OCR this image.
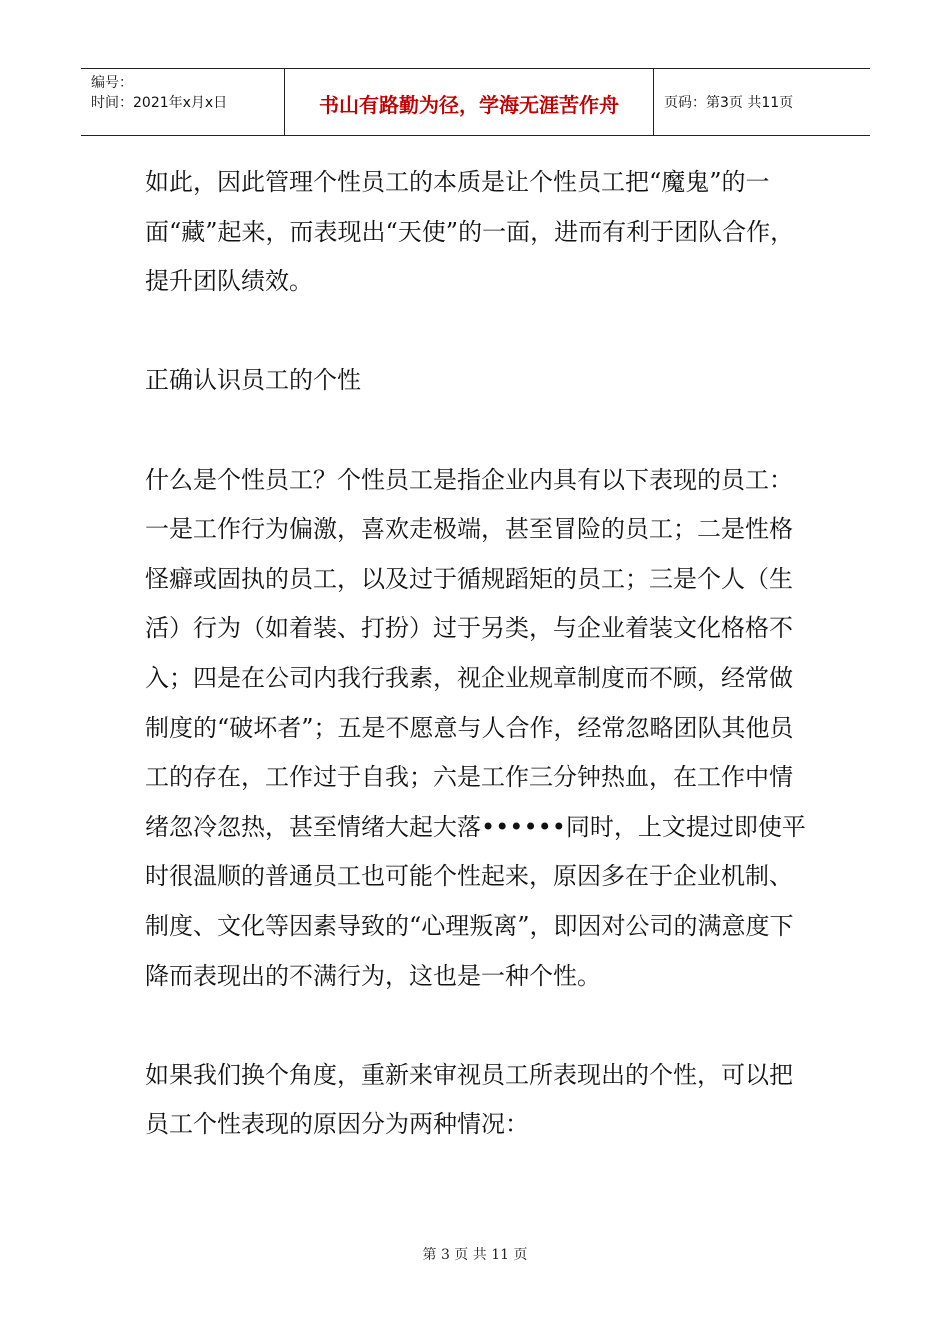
编号：
时间：2021年x月x日	书山有路勤为径，学海无涯苦作舟	页码：第3页 共11页

如此，因此管理个性员工的本质是让个性员工把“魔鬼”的一面“藏”起来，而表现出“天使”的一面，进而有利于团队合作，提升团队绩效。

正确认识员工的个性

什么是个性员工？个性员工是指企业内具有以下表现的员工：一是工作行为偏激，喜欢走极端，甚至冒险的员工；二是性格怪癖或固执的员工，以及过于循规蹈矩的员工；三是个人（生活）行为（如着装、打扮）过于另类，与企业着装文化格格不入；四是在公司内我行我素，视企业规章制度而不顾，经常做制度的“破坏者”；五是不愿意与人合作，经常忽略团队其他员工的存在，工作过于自我；六是工作三分钟热血，在工作中情绪忽冷忽热，甚至情绪大起大落••••••同时，上文提过即使平时很温顺的普通员工也可能个性起来，原因多在于企业机制、制度、文化等因素导致的“心理叛离”，即因对公司的满意度下降而表现出的不满行为，这也是一种个性。

如果我们换个角度，重新来审视员工所表现出的个性，可以把员工个性表现的原因分为两种情况：

第 3 页 共 11 页
